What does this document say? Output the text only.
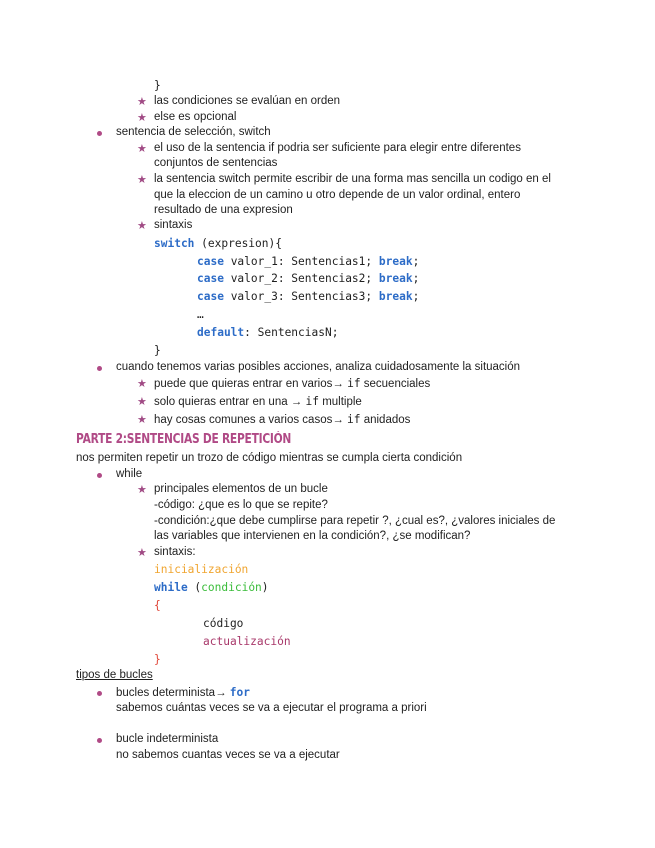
}
★ las condiciones se evalúan en orden
★ else es opcional
sentencia de selección, switch
★ el uso de la sentencia if podria ser suficiente para elegir entre diferentes
conjuntos de sentencias
★ la sentencia switch permite escribir de una forma mas sencilla un codigo en el
que la eleccion de un camino u otro depende de un valor ordinal, entero
resultado de una expresion
★ sintaxis
switch (expresion){
case valor_1: Sentencias1; break;
case valor_2: Sentencias2; break;
case valor_3: Sentencias3; break;
…
default: SentenciasN;
}
cuando tenemos varias posibles acciones, analiza cuidadosamente la situación
★ puede que quieras entrar en varios→ if secuenciales
★ solo quieras entrar en una → if multiple
★ hay cosas comunes a varios casos→ if anidados
PARTE 2:SENTENCIAS DE REPETICIÓN
nos permiten repetir un trozo de código mientras se cumpla cierta condición
while
★ principales elementos de un bucle
-código: ¿que es lo que se repite?
-condición:¿que debe cumplirse para repetir ?, ¿cual es?, ¿valores iniciales de
las variables que intervienen en la condición?, ¿se modifican?
★ sintaxis:
inicialización
while (condición)
{
código
actualización
}
tipos de bucles
bucles determinista→ for
sabemos cuántas veces se va a ejecutar el programa a priori
bucle indeterminista
no sabemos cuantas veces se va a ejecutar
